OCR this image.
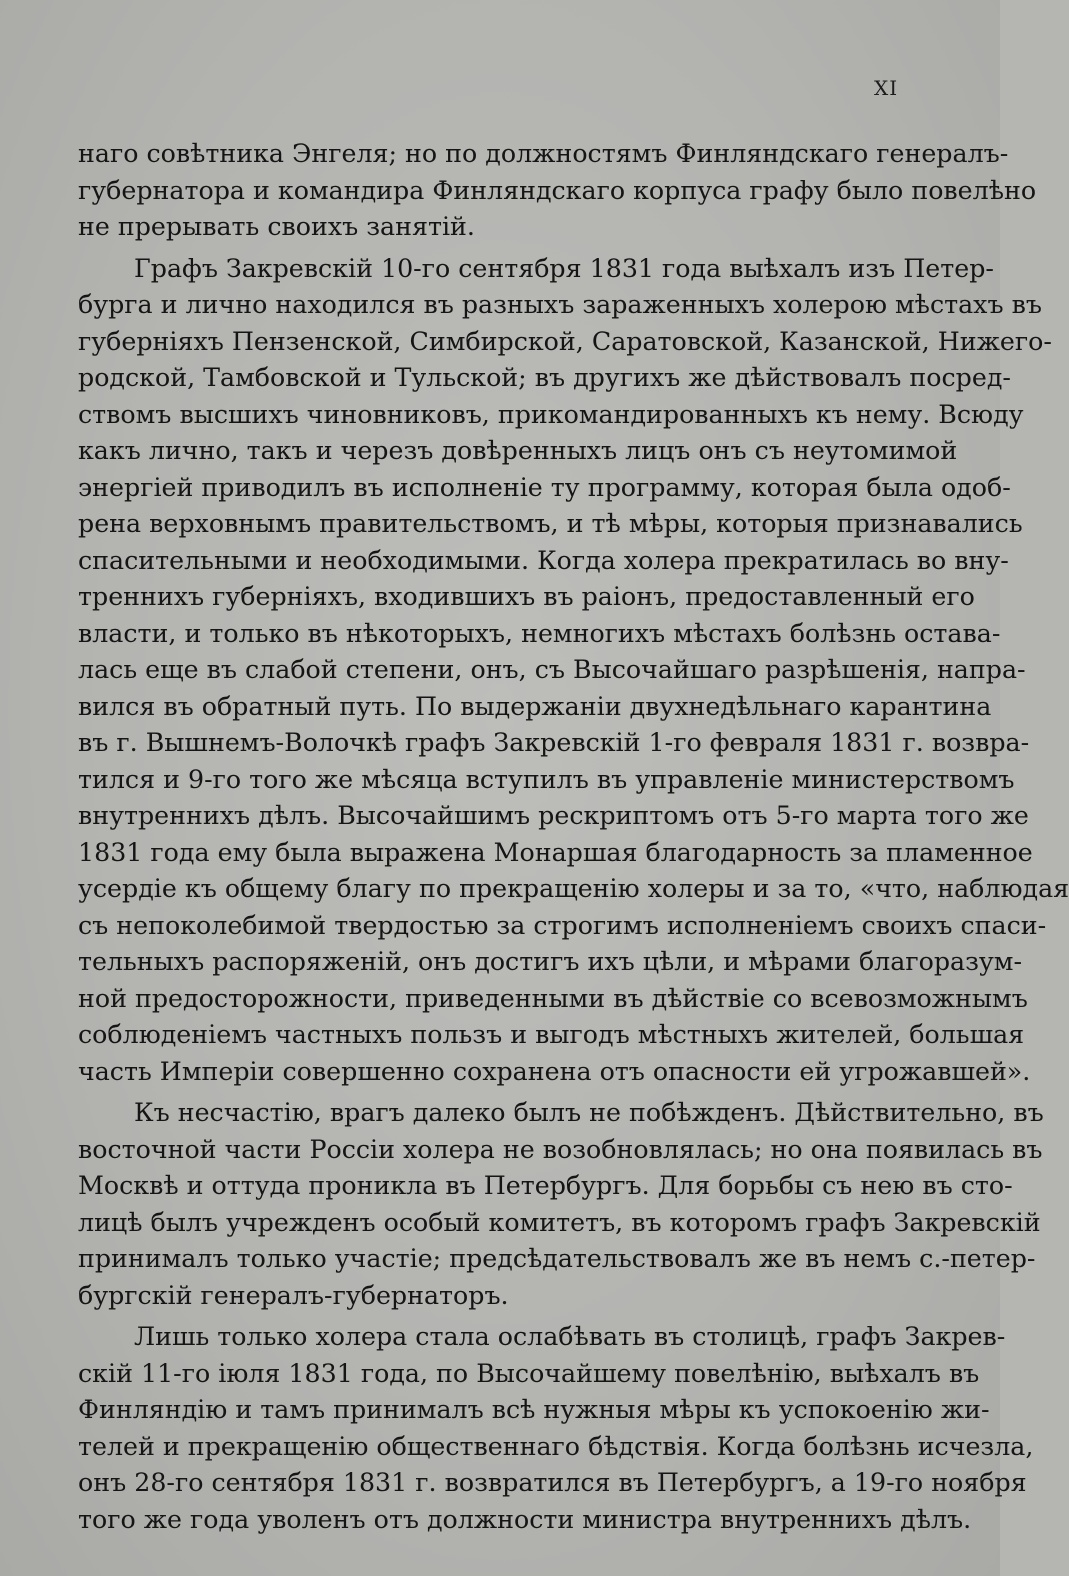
XI
наго совѣтника Энгеля; но по должностямъ Финляндскаго генералъ-
губернатора и командира Финляндскаго корпуса графу было повелѣно
не прерывать своихъ занятій.
Графъ Закревскій 10-го сентября 1831 года выѣхалъ изъ Петер-
бурга и лично находился въ разныхъ зараженныхъ холерою мѣстахъ въ
губерніяхъ Пензенской, Симбирской, Саратовской, Казанской, Нижего-
родской, Тамбовской и Тульской; въ другихъ же дѣйствовалъ посред-
ствомъ высшихъ чиновниковъ, прикомандированныхъ къ нему. Всюду
какъ лично, такъ и черезъ довѣренныхъ лицъ онъ съ неутомимой
энергіей приводилъ въ исполненіе ту программу, которая была одоб-
рена верховнымъ правительствомъ, и тѣ мѣры, которыя признавались
спасительными и необходимыми. Когда холера прекратилась во вну-
треннихъ губерніяхъ, входившихъ въ раіонъ, предоставленный его
власти, и только въ нѣкоторыхъ, немногихъ мѣстахъ болѣзнь остава-
лась еще въ слабой степени, онъ, съ Высочайшаго разрѣшенія, напра-
вился въ обратный путь. По выдержаніи двухнедѣльнаго карантина
въ г. Вышнемъ-Волочкѣ графъ Закревскій 1-го февраля 1831 г. возвра-
тился и 9-го того же мѣсяца вступилъ въ управленіе министерствомъ
внутреннихъ дѣлъ. Высочайшимъ рескриптомъ отъ 5-го марта того же
1831 года ему была выражена Монаршая благодарность за пламенное
усердіе къ общему благу по прекращенію холеры и за то, «что, наблюдая
съ непоколебимой твердостью за строгимъ исполненіемъ своихъ спаси-
тельныхъ распоряженій, онъ достигъ ихъ цѣли, и мѣрами благоразум-
ной предосторожности, приведенными въ дѣйствіе со всевозможнымъ
соблюденіемъ частныхъ пользъ и выгодъ мѣстныхъ жителей, большая
часть Имперіи совершенно сохранена отъ опасности ей угрожавшей».
Къ несчастію, врагъ далеко былъ не побѣжденъ. Дѣйствительно, въ
восточной части Россіи холера не возобновлялась; но она появилась въ
Москвѣ и оттуда проникла въ Петербургъ. Для борьбы съ нею въ сто-
лицѣ былъ учрежденъ особый комитетъ, въ которомъ графъ Закревскій
принималъ только участіе; предсѣдательствовалъ же въ немъ с.-петер-
бургскій генералъ-губернаторъ.
Лишь только холера стала ослабѣвать въ столицѣ, графъ Закрев-
скій 11-го іюля 1831 года, по Высочайшему повелѣнію, выѣхалъ въ
Финляндію и тамъ принималъ всѣ нужныя мѣры къ успокоенію жи-
телей и прекращенію общественнаго бѣдствія. Когда болѣзнь исчезла,
онъ 28-го сентября 1831 г. возвратился въ Петербургъ, а 19-го ноября
того же года уволенъ отъ должности министра внутреннихъ дѣлъ.
